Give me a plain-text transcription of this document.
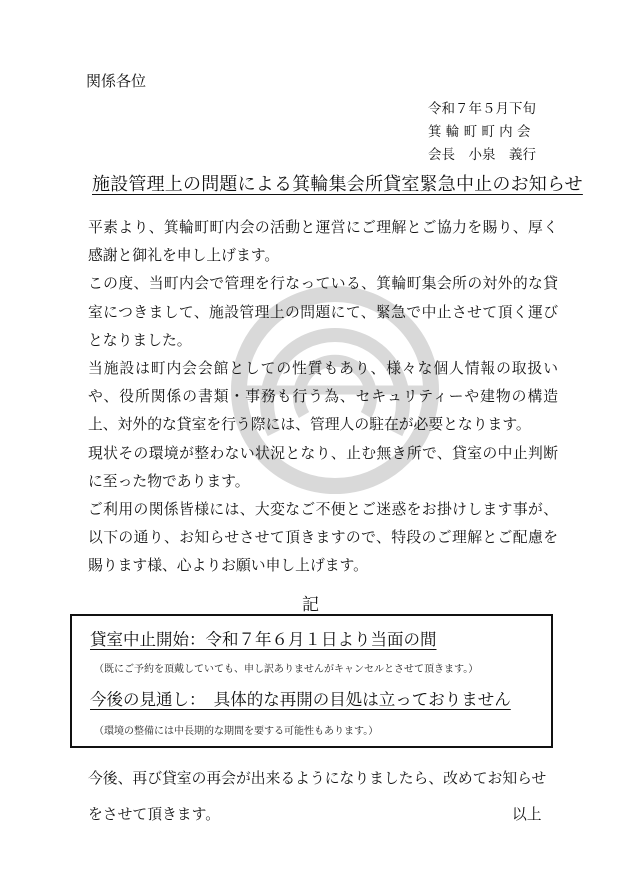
関係各位
令和７年５月下旬
箕 輪 町 町 内 会
会長　小泉　義行
施設管理上の問題による箕輪集会所貸室緊急中止のお知らせ

平素より、箕輪町町内会の活動と運営にご理解とご協力を賜り、厚く感謝と御礼を申し上げます。

この度、当町内会で管理を行なっている、箕輪町集会所の対外的な貸室につきまして、施設管理上の問題にて、緊急で中止させて頂く運びとなりました。

当施設は町内会会館としての性質もあり、様々な個人情報の取扱いや、役所関係の書類・事務も行う為、セキュリティーや建物の構造上、対外的な貸室を行う際には、管理人の駐在が必要となります。

現状その環境が整わない状況となり、止む無き所で、貸室の中止判断に至った物であります。

ご利用の関係皆様には、大変なご不便とご迷惑をお掛けします事が、以下の通り、お知らせさせて頂きますので、特段のご理解とご配慮を賜ります様、心よりお願い申し上げます。

記
貸室中止開始：令和７年６月１日より当面の間
（既にご予約を頂戴していても、申し訳ありませんがキャンセルとさせて頂きます。）
今後の見通し：　具体的な再開の目処は立っておりません
（環境の整備には中長期的な期間を要する可能性もあります。）
今後、再び貸室の再会が出来るようになりましたら、改めてお知らせ
をさせて頂きます。	以上
